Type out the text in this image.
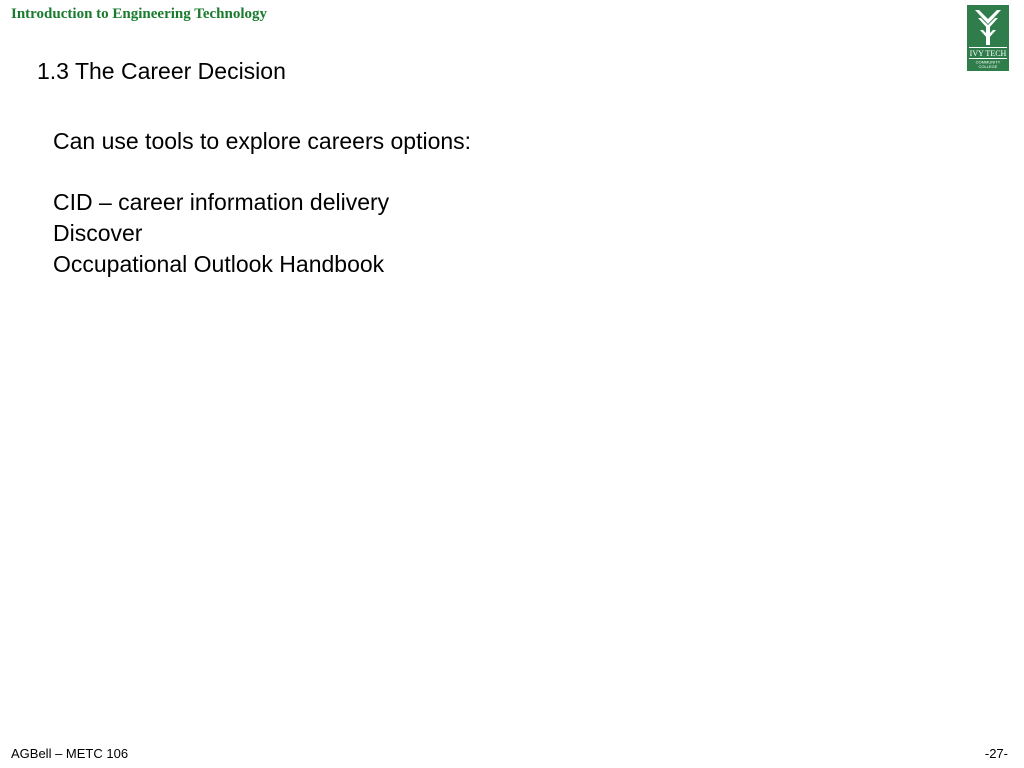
Introduction to Engineering Technology
IVY TECH
COMMUNITY
COLLEGE
1.3 The Career Decision
Can use tools to explore careers options:
CID – career information delivery
Discover
Occupational Outlook Handbook
AGBell – METC 106	-27-
